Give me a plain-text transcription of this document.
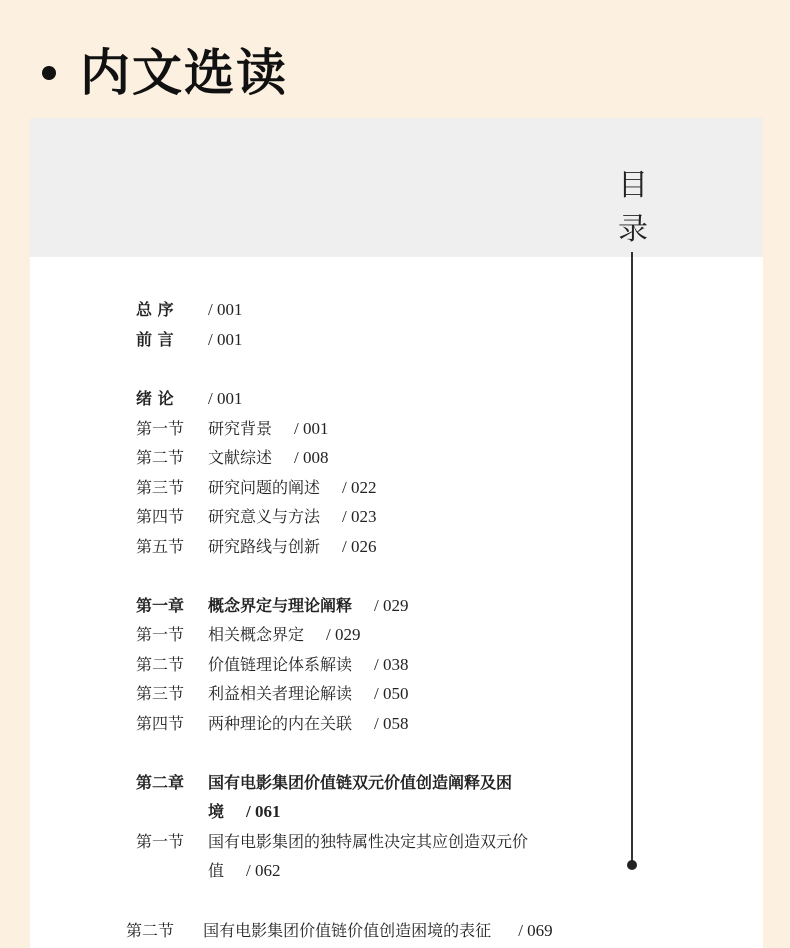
内文选读
目
录
总 序	/ 001
前 言	/ 001
绪 论	/ 001
第一节	研究背景 / 001
第二节	文献综述 / 008
第三节	研究问题的阐述 / 022
第四节	研究意义与方法 / 023
第五节	研究路线与创新 / 026
第一章	概念界定与理论阐释 / 029
第一节	相关概念界定 / 029
第二节	价值链理论体系解读 / 038
第三节	利益相关者理论解读 / 050
第四节	两种理论的内在关联 / 058
第二章	国有电影集团价值链双元价值创造阐释及困境 / 061
第一节	国有电影集团的独特属性决定其应创造双元价值 / 062
第二节 国有电影集团价值链价值创造困境的表征 / 069
